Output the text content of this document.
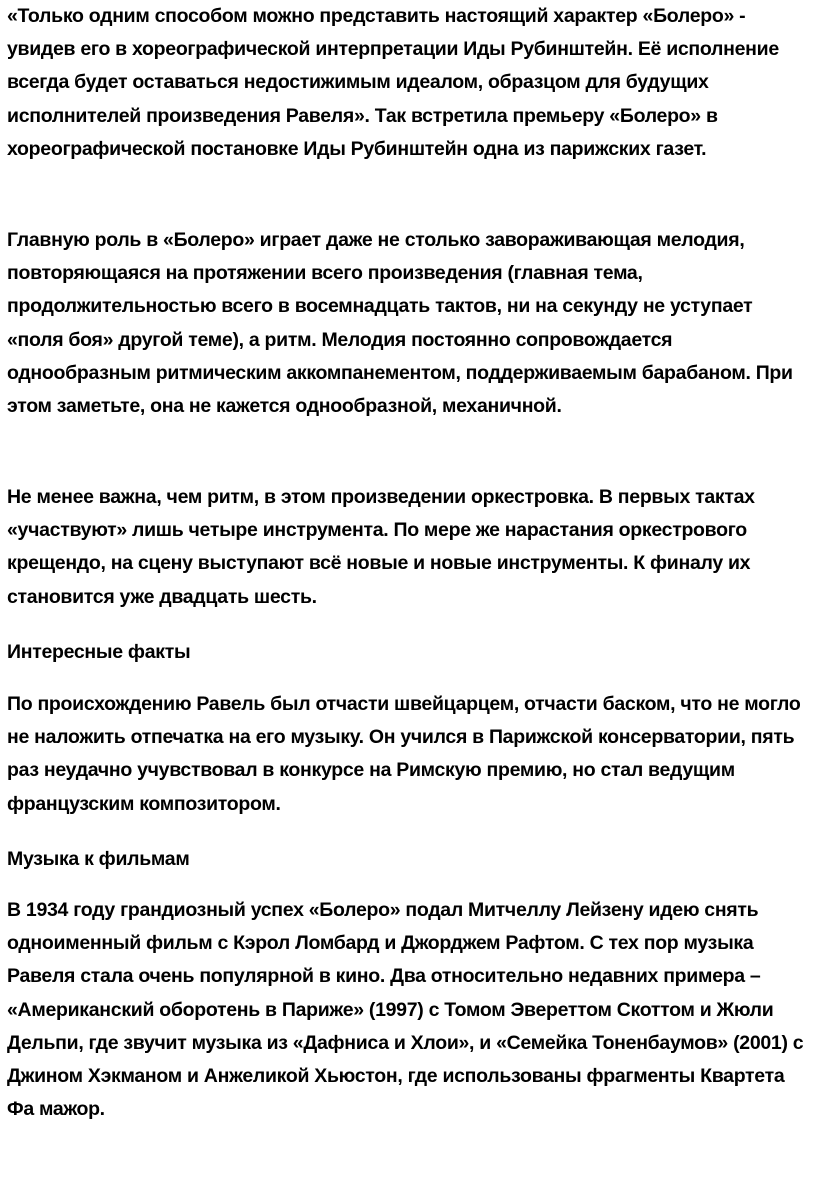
«Только одним способом можно представить настоящий характер «Болеро» - увидев его в хореографической интерпретации Иды Рубинштейн. Её исполнение всегда будет оставаться недостижимым идеалом, образцом для будущих исполнителей произведения Равеля». Так встретила премьеру «Болеро» в хореографической постановке Иды Рубинштейн одна из парижских газет.

Главную роль в «Болеро» играет даже не столько завораживающая мелодия, повторяющаяся на протяжении всего произведения (главная тема, продолжительностью всего в восемнадцать тактов, ни на секунду не уступает «поля боя» другой теме), а ритм. Мелодия постоянно сопровождается однообразным ритмическим аккомпанементом, поддерживаемым барабаном. При этом заметьте, она не кажется однообразной, механичной.

Не менее важна, чем ритм, в этом произведении оркестровка. В первых тактах «участвуют» лишь четыре инструмента. По мере же нарастания оркестрового крещендо, на сцену выступают всё новые и новые инструменты. К финалу их становится уже двадцать шесть.

Интересные факты

По происхождению Равель был отчасти швейцарцем, отчасти баском, что не могло не наложить отпечатка на его музыку. Он учился в Парижской консерватории, пять раз неудачно учувствовал в конкурсе на Римскую премию, но стал ведущим французским композитором.

Музыка к фильмам

В 1934 году грандиозный успех «Болеро» подал Митчеллу Лейзену идею снять одноименный фильм с Кэрол Ломбард и Джорджем Рафтом. С тех пор музыка Равеля стала очень популярной в кино. Два относительно недавних примера – «Американский оборотень в Париже» (1997) с Томом Эвереттом Скоттом и Жюли Дельпи, где звучит музыка из «Дафниса и Хлои», и «Семейка Тоненбаумов» (2001) с Джином Хэкманом и Анжеликой Хьюстон, где использованы фрагменты Квартета Фа мажор.
